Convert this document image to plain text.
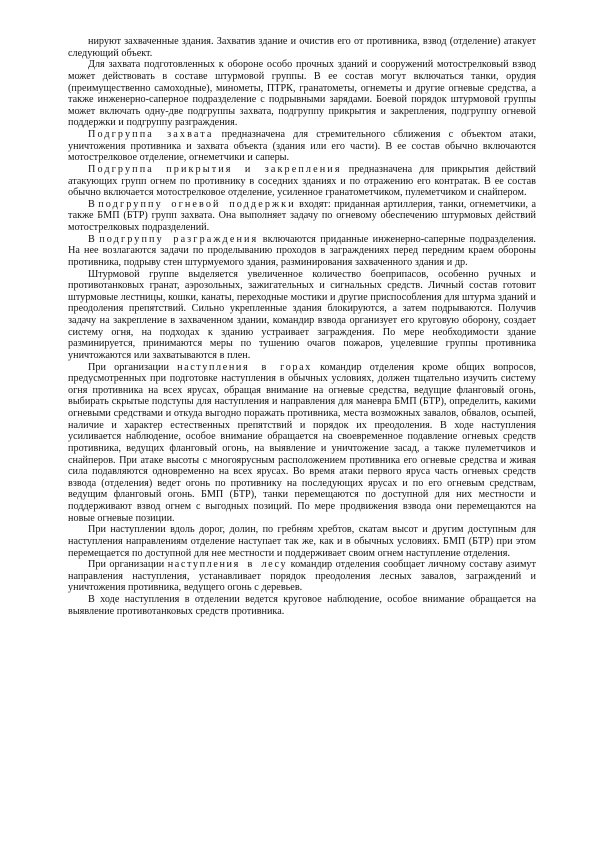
нируют захваченные здания. Захватив здание и очистив его от противника, взвод (отделение) атакует следующий объект.

Для захвата подготовленных к обороне особо прочных зданий и сооружений мотострелковый взвод может действовать в составе штурмовой группы. В ее состав могут включаться танки, орудия (преимущественно самоходные), минометы, ПТРК, гранатометы, огнеметы и другие огневые средства, а также инженерно-саперное подразделение с подрывными зарядами. Боевой порядок штурмовой группы может включать одну-две подгруппы захвата, подгруппу прикрытия и закрепления, подгруппу огневой поддержки и подгруппу разграждения.

Подгруппа захвата предназначена для стремительного сближения с объектом атаки, уничтожения противника и захвата объекта (здания или его части). В ее состав обычно включаются мотострелковое отделение, огнеметчики и саперы.

Подгруппа прикрытия и закрепления предназначена для прикрытия действий атакующих групп огнем по противнику в соседних зданиях и по отражению его контратак. В ее состав обычно включается мотострелковое отделение, усиленное гранатометчиком, пулеметчиком и снайпером.

В подгруппу огневой поддержки входят: приданная артиллерия, танки, огнеметчики, а также БМП (БТР) групп захвата. Она выполняет задачу по огневому обеспечению штурмовых действий мотострелковых подразделений.

В подгруппу разграждения включаются приданные инженерно-саперные подразделения. На нее возлагаются задачи по проделыванию проходов в заграждениях перед передним краем обороны противника, подрыву стен штурмуемого здания, разминирования захваченного здания и др.

Штурмовой группе выделяется увеличенное количество боеприпасов, особенно ручных и противотанковых гранат, аэрозольных, зажигательных и сигнальных средств. Личный состав готовит штурмовые лестницы, кошки, канаты, переходные мостики и другие приспособления для штурма зданий и преодоления препятствий. Сильно укрепленные здания блокируются, а затем подрываются. Получив задачу на закрепление в захваченном здании, командир взвода организует его круговую оборону, создает систему огня, на подходах к зданию устраивает заграждения. По мере необходимости здание разминируется, принимаются меры по тушению очагов пожаров, уцелевшие группы противника уничтожаются или захватываются в плен.

При организации наступления в горах командир отделения кроме общих вопросов, предусмотренных при подготовке наступления в обычных условиях, должен тщательно изучить систему огня противника на всех ярусах, обращая внимание на огневые средства, ведущие фланговый огонь, выбирать скрытые подступы для наступления и направления для маневра БМП (БТР), определить, какими огневыми средствами и откуда выгодно поражать противника, места возможных завалов, обвалов, осыпей, наличие и характер естественных препятствий и порядок их преодоления. В ходе наступления усиливается наблюдение, особое внимание обращается на своевременное подавление огневых средств противника, ведущих фланговый огонь, на выявление и уничтожение засад, а также пулеметчиков и снайперов. При атаке высоты с многоярусным расположением противника его огневые средства и живая сила подавляются одновременно на всех ярусах. Во время атаки первого яруса часть огневых средств взвода (отделения) ведет огонь по противнику на последующих ярусах и по его огневым средствам, ведущим фланговый огонь. БМП (БТР), танки перемещаются по доступной для них местности и поддерживают взвод огнем с выгодных позиций. По мере продвижения взвода они перемещаются на новые огневые позиции.

При наступлении вдоль дорог, долин, по гребням хребтов, скатам высот и другим доступным для наступления направлениям отделение наступает так же, как и в обычных условиях. БМП (БТР) при этом перемещается по доступной для нее местности и поддерживает своим огнем наступление отделения.

При организации наступления в лесу командир отделения сообщает личному составу азимут направления наступления, устанавливает порядок преодоления лесных завалов, заграждений и уничтожения противника, ведущего огонь с деревьев.

В ходе наступления в отделении ведется круговое наблюдение, особое внимание обращается на выявление противотанковых средств противника.
